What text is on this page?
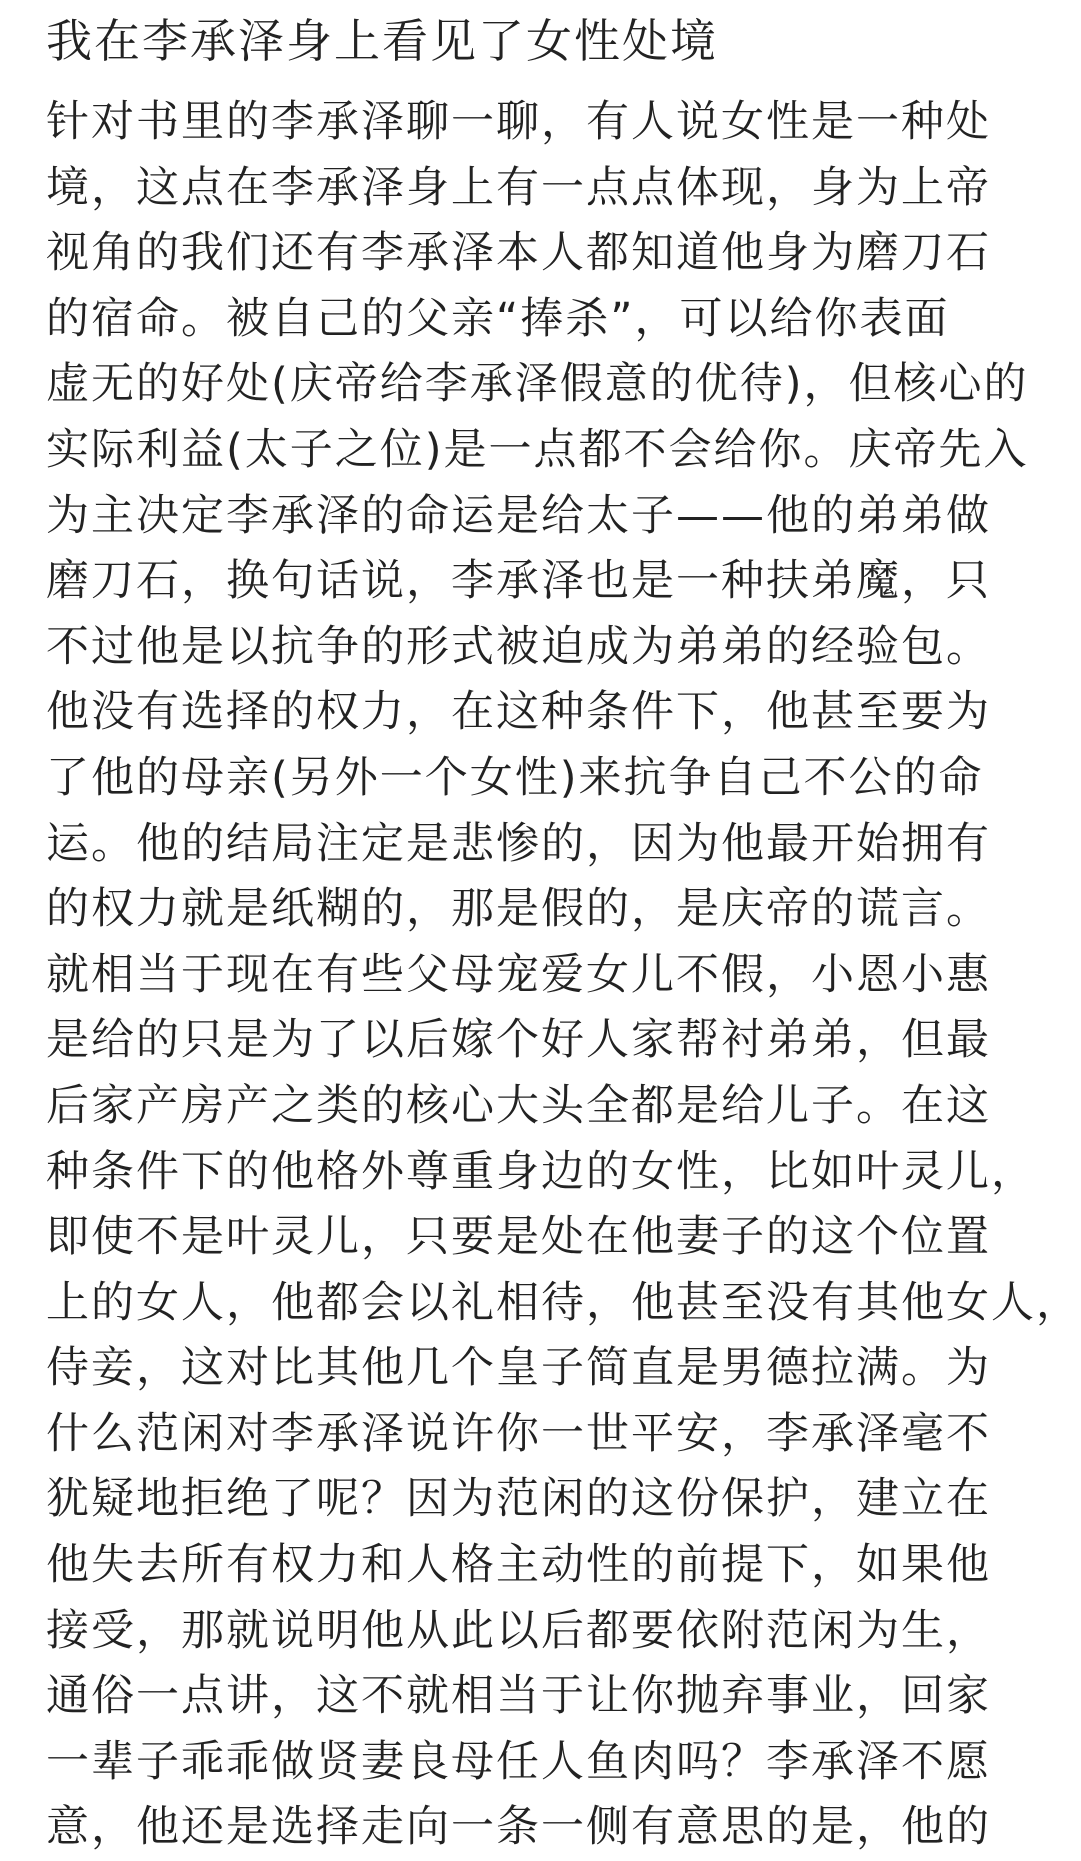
我在李承泽身上看见了女性处境
针对书里的李承泽聊一聊，有人说女性是一种处
境，这点在李承泽身上有一点点体现，身为上帝
视角的我们还有李承泽本人都知道他身为磨刀石
的宿命。被自己的父亲“捧杀”，可以给你表面
虚无的好处(庆帝给李承泽假意的优待)，但核心的
实际利益(太子之位)是一点都不会给你。庆帝先入
为主决定李承泽的命运是给太子——他的弟弟做
磨刀石，换句话说，李承泽也是一种扶弟魔，只
不过他是以抗争的形式被迫成为弟弟的经验包。
他没有选择的权力，在这种条件下，他甚至要为
了他的母亲(另外一个女性)来抗争自己不公的命
运。他的结局注定是悲惨的，因为他最开始拥有
的权力就是纸糊的，那是假的，是庆帝的谎言。
就相当于现在有些父母宠爱女儿不假，小恩小惠
是给的只是为了以后嫁个好人家帮衬弟弟，但最
后家产房产之类的核心大头全都是给儿子。在这
种条件下的他格外尊重身边的女性，比如叶灵儿，
即使不是叶灵儿，只要是处在他妻子的这个位置
上的女人，他都会以礼相待，他甚至没有其他女人，
侍妾，这对比其他几个皇子简直是男德拉满。为
什么范闲对李承泽说许你一世平安，李承泽毫不
犹疑地拒绝了呢？因为范闲的这份保护，建立在
他失去所有权力和人格主动性的前提下，如果他
接受，那就说明他从此以后都要依附范闲为生，
通俗一点讲，这不就相当于让你抛弃事业，回家
一辈子乖乖做贤妻良母任人鱼肉吗？李承泽不愿
意，他还是选择走向一条一侧有意思的是，他的
